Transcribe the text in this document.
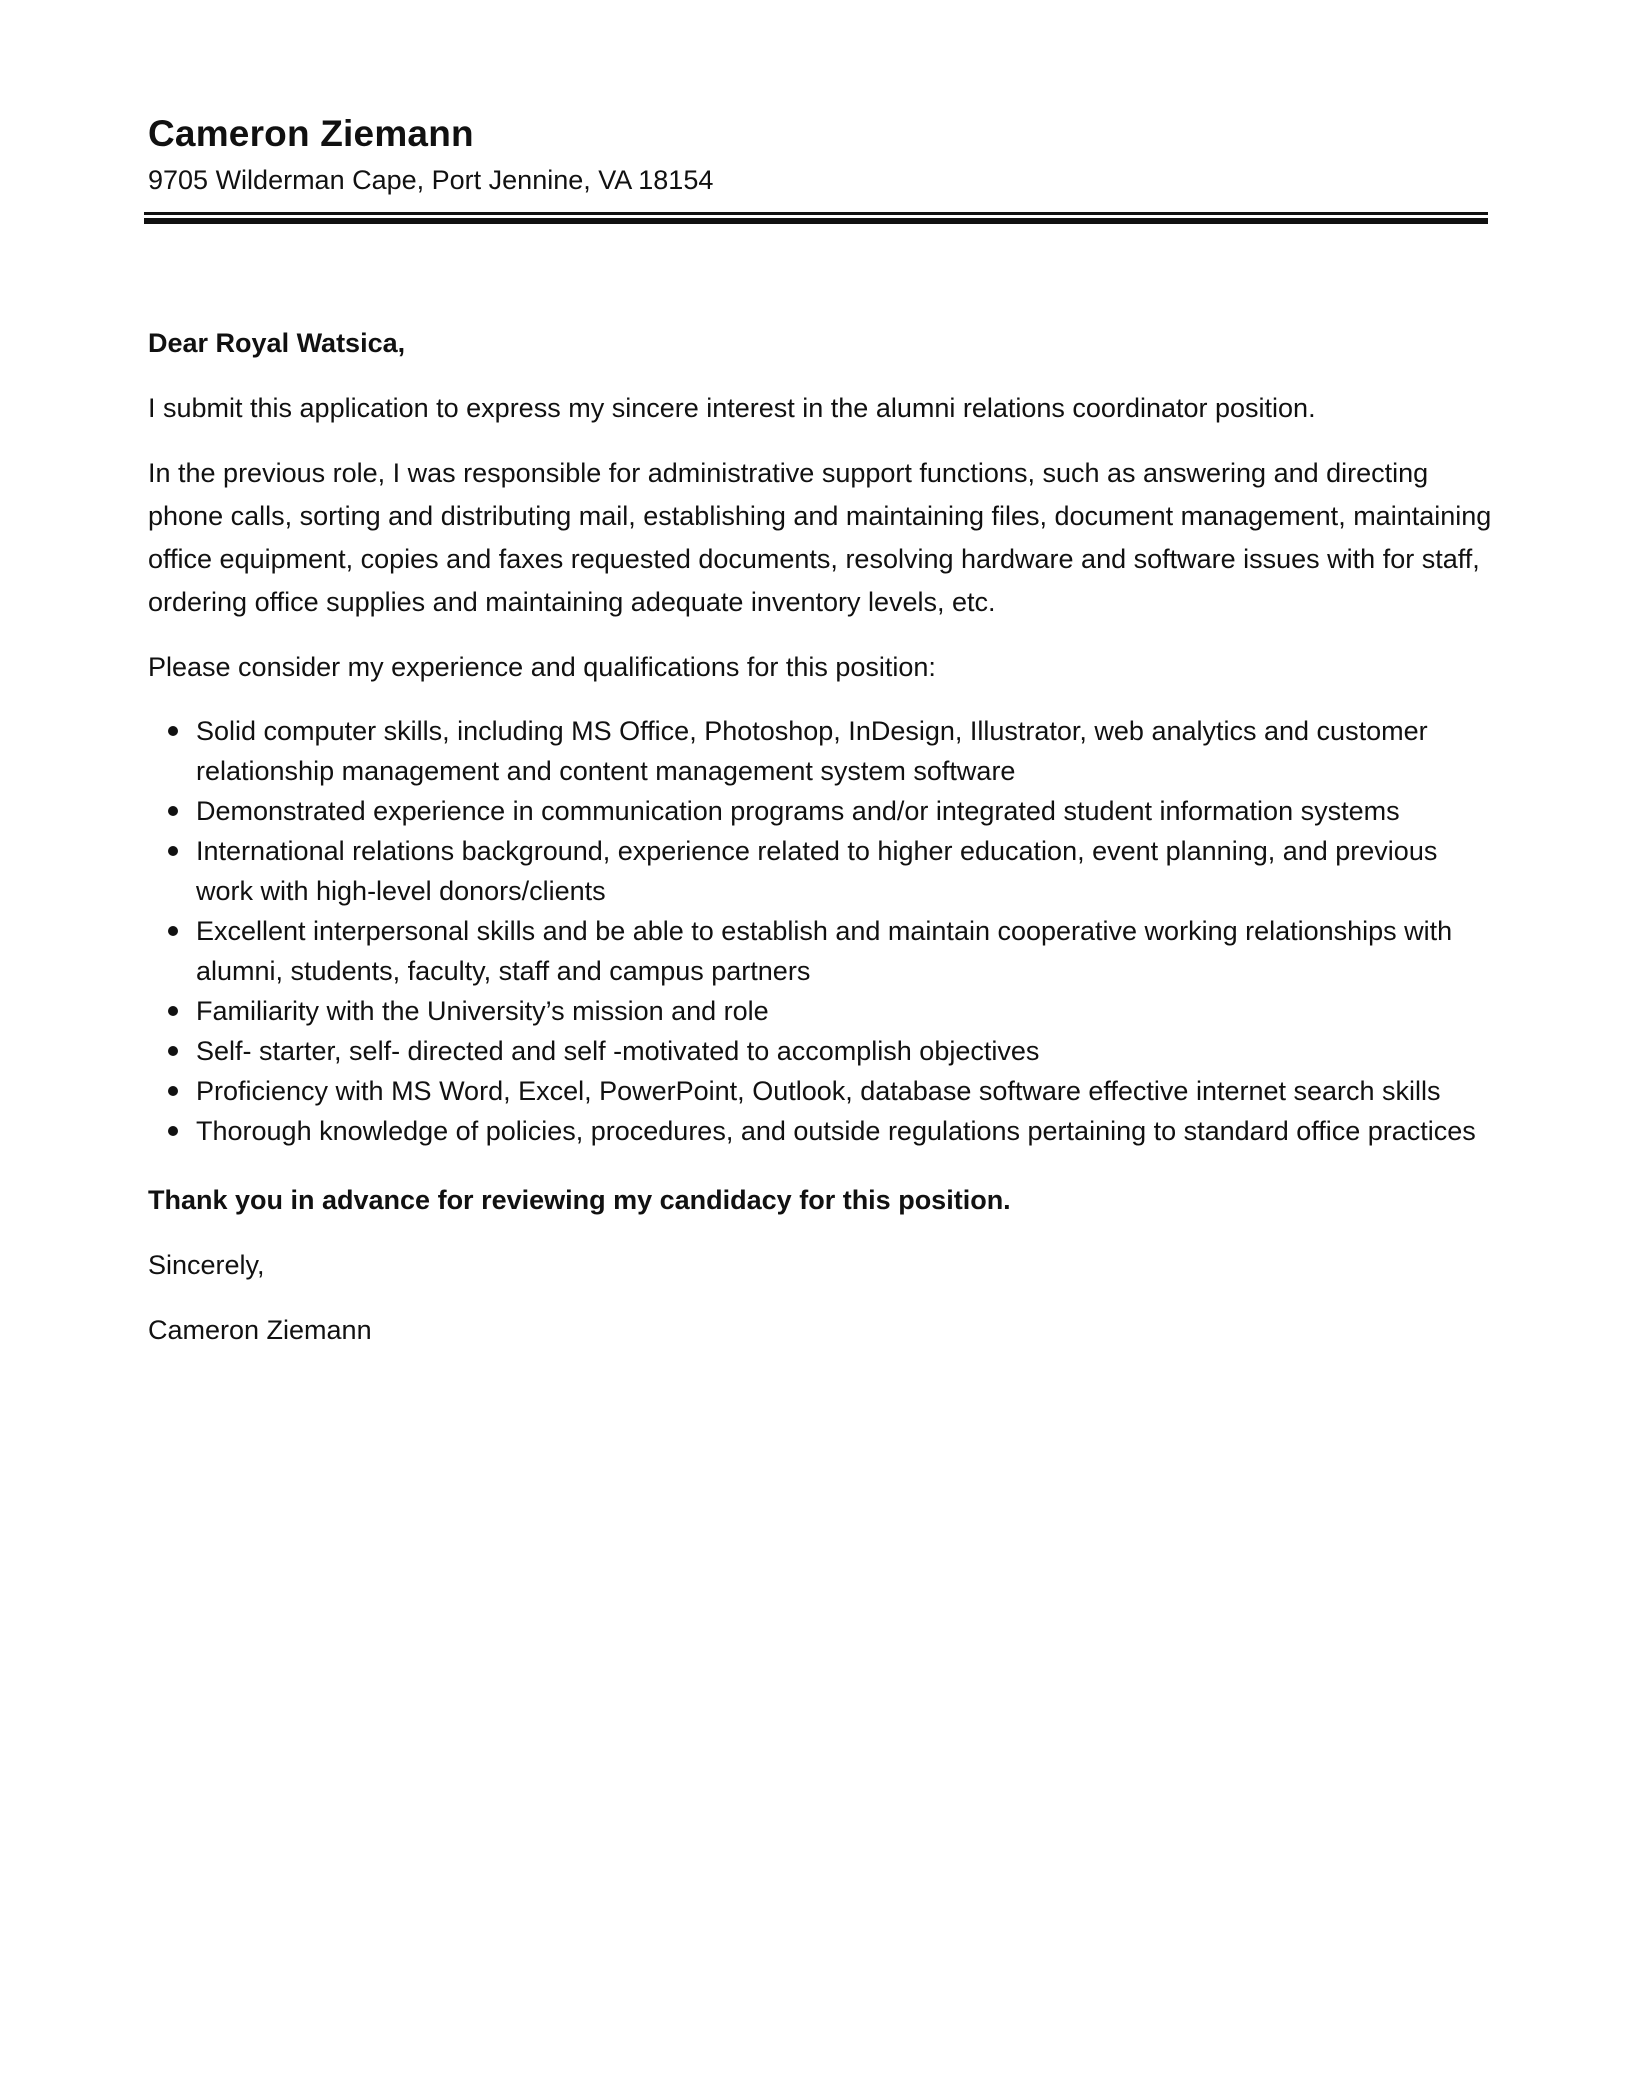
Cameron Ziemann

9705 Wilderman Cape, Port Jennine, VA 18154

Dear Royal Watsica,

I submit this application to express my sincere interest in the alumni relations coordinator position.

In the previous role, I was responsible for administrative support functions, such as answering and directing phone calls, sorting and distributing mail, establishing and maintaining files, document management, maintaining office equipment, copies and faxes requested documents, resolving hardware and software issues with for staff, ordering office supplies and maintaining adequate inventory levels, etc.

Please consider my experience and qualifications for this position:

Solid computer skills, including MS Office, Photoshop, InDesign, Illustrator, web analytics and customer relationship management and content management system software
Demonstrated experience in communication programs and/or integrated student information systems
International relations background, experience related to higher education, event planning, and previous work with high-level donors/clients
Excellent interpersonal skills and be able to establish and maintain cooperative working relationships with alumni, students, faculty, staff and campus partners
Familiarity with the University’s mission and role
Self- starter, self- directed and self -motivated to accomplish objectives
Proficiency with MS Word, Excel, PowerPoint, Outlook, database software effective internet search skills
Thorough knowledge of policies, procedures, and outside regulations pertaining to standard office practices

Thank you in advance for reviewing my candidacy for this position.

Sincerely,

Cameron Ziemann
